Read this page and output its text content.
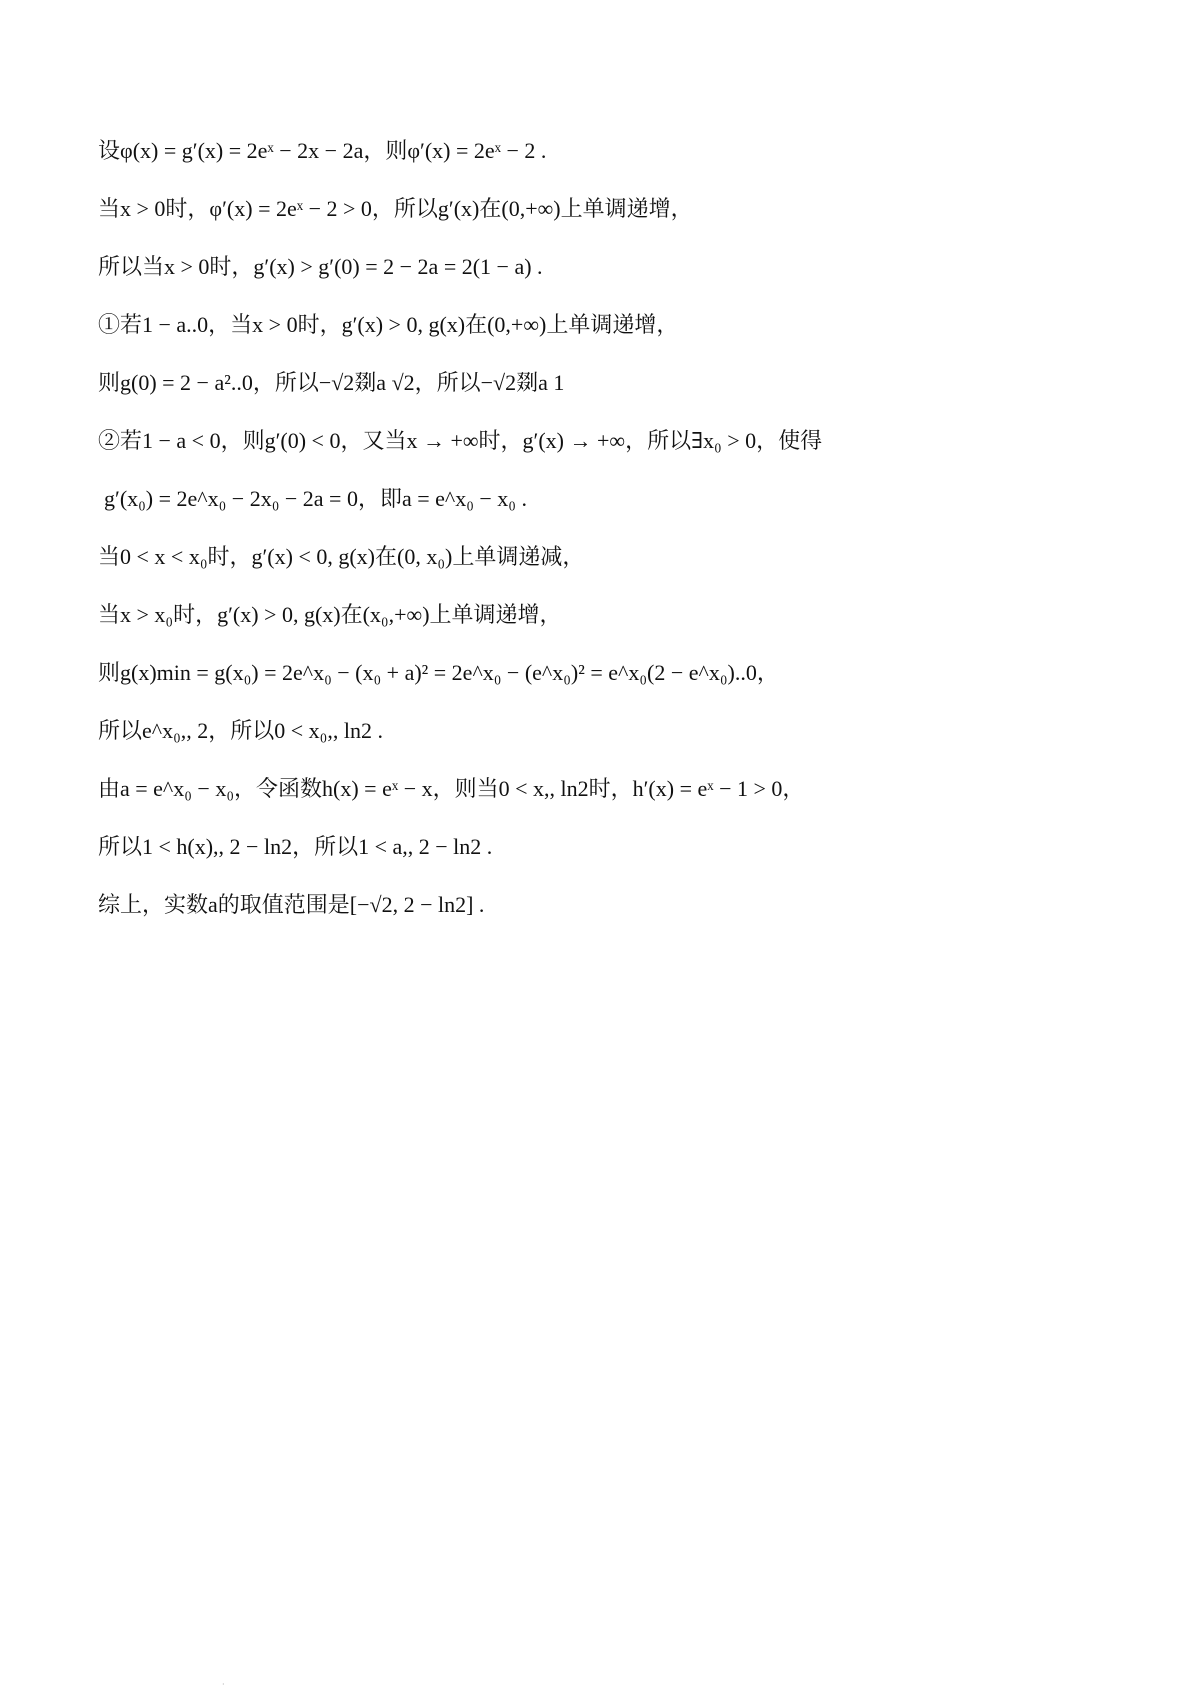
设φ(x) = g′(x) = 2eˣ − 2x − 2a，则φ′(x) = 2eˣ − 2 .
当x > 0时，φ′(x) = 2eˣ − 2 > 0，所以g′(x)在(0,+∞)上单调递增，
所以当x > 0时，g′(x) > g′(0) = 2 − 2a = 2(1 − a) .
①若1 − a..0，当x > 0时，g′(x) > 0, g(x)在(0,+∞)上单调递增，
则g(0) = 2 − a²..0，所以−√2剟a √2，所以−√2剟a 1
②若1 − a < 0，则g′(0) < 0，又当x → +∞时，g′(x) → +∞，所以∃x₀ > 0，使得
g′(x₀) = 2e^x₀ − 2x₀ − 2a = 0，即a = e^x₀ − x₀ .
当0 < x < x₀时，g′(x) < 0, g(x)在(0, x₀)上单调递减，
当x > x₀时，g′(x) > 0, g(x)在(x₀,+∞)上单调递增，
则g(x)min = g(x₀) = 2e^x₀ − (x₀ + a)² = 2e^x₀ − (e^x₀)² = e^x₀(2 − e^x₀)..0，
所以e^x₀,, 2，所以0 < x₀,, ln2 .
由a = e^x₀ − x₀，令函数h(x) = eˣ − x，则当0 < x,, ln2时，h′(x) = eˣ − 1 > 0，
所以1 < h(x),, 2 − ln2，所以1 < a,, 2 − ln2 .
综上，实数a的取值范围是[−√2, 2 − ln2] .
·
